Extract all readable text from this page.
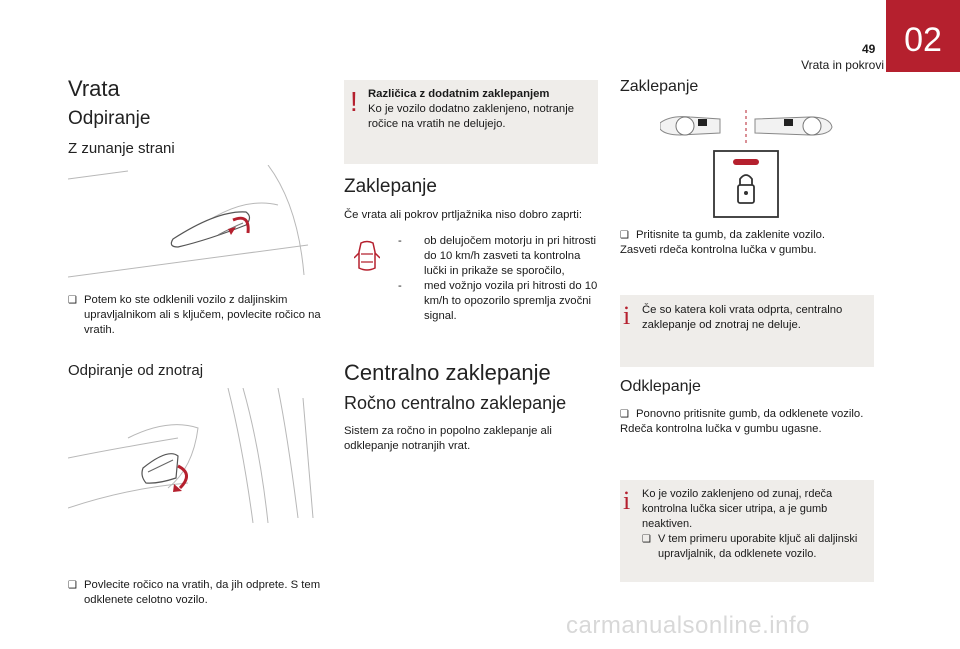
49
Vrata in pokrovi
02
Vrata
Odpiranje
Z zunanje strani
❑ Potem ko ste odklenili vozilo z daljinskim upravljalnikom ali s ključem, povlecite ročico na vratih.
Odpiranje od znotraj
❑ Povlecite ročico na vratih, da jih odprete. S tem odklenete celotno vozilo.
! Različica z dodatnim zaklepanjem
Ko je vozilo dodatno zaklenjeno, notranje ročice na vratih ne delujejo.
Zaklepanje
Če vrata ali pokrov prtljažnika niso dobro zaprti:
- ob delujočem motorju in pri hitrosti do 10 km/h zasveti ta kontrolna lučki in prikaže se sporočilo,
- med vožnjo vozila pri hitrosti do 10 km/h to opozorilo spremlja zvočni signal.
Centralno zaklepanje
Ročno centralno zaklepanje
Sistem za ročno in popolno zaklepanje ali odklepanje notranjih vrat.
Zaklepanje
❑ Pritisnite ta gumb, da zaklenite vozilo.
Zasveti rdeča kontrolna lučka v gumbu.
i Če so katera koli vrata odprta, centralno zaklepanje od znotraj ne deluje.
Odklepanje
❑ Ponovno pritisnite gumb, da odklenete vozilo.
Rdeča kontrolna lučka v gumbu ugasne.
i Ko je vozilo zaklenjeno od zunaj, rdeča kontrolna lučka sicer utripa, a je gumb neaktiven.
❑ V tem primeru uporabite ključ ali daljinski upravljalnik, da odklenete vozilo.
carmanualsonline.info
